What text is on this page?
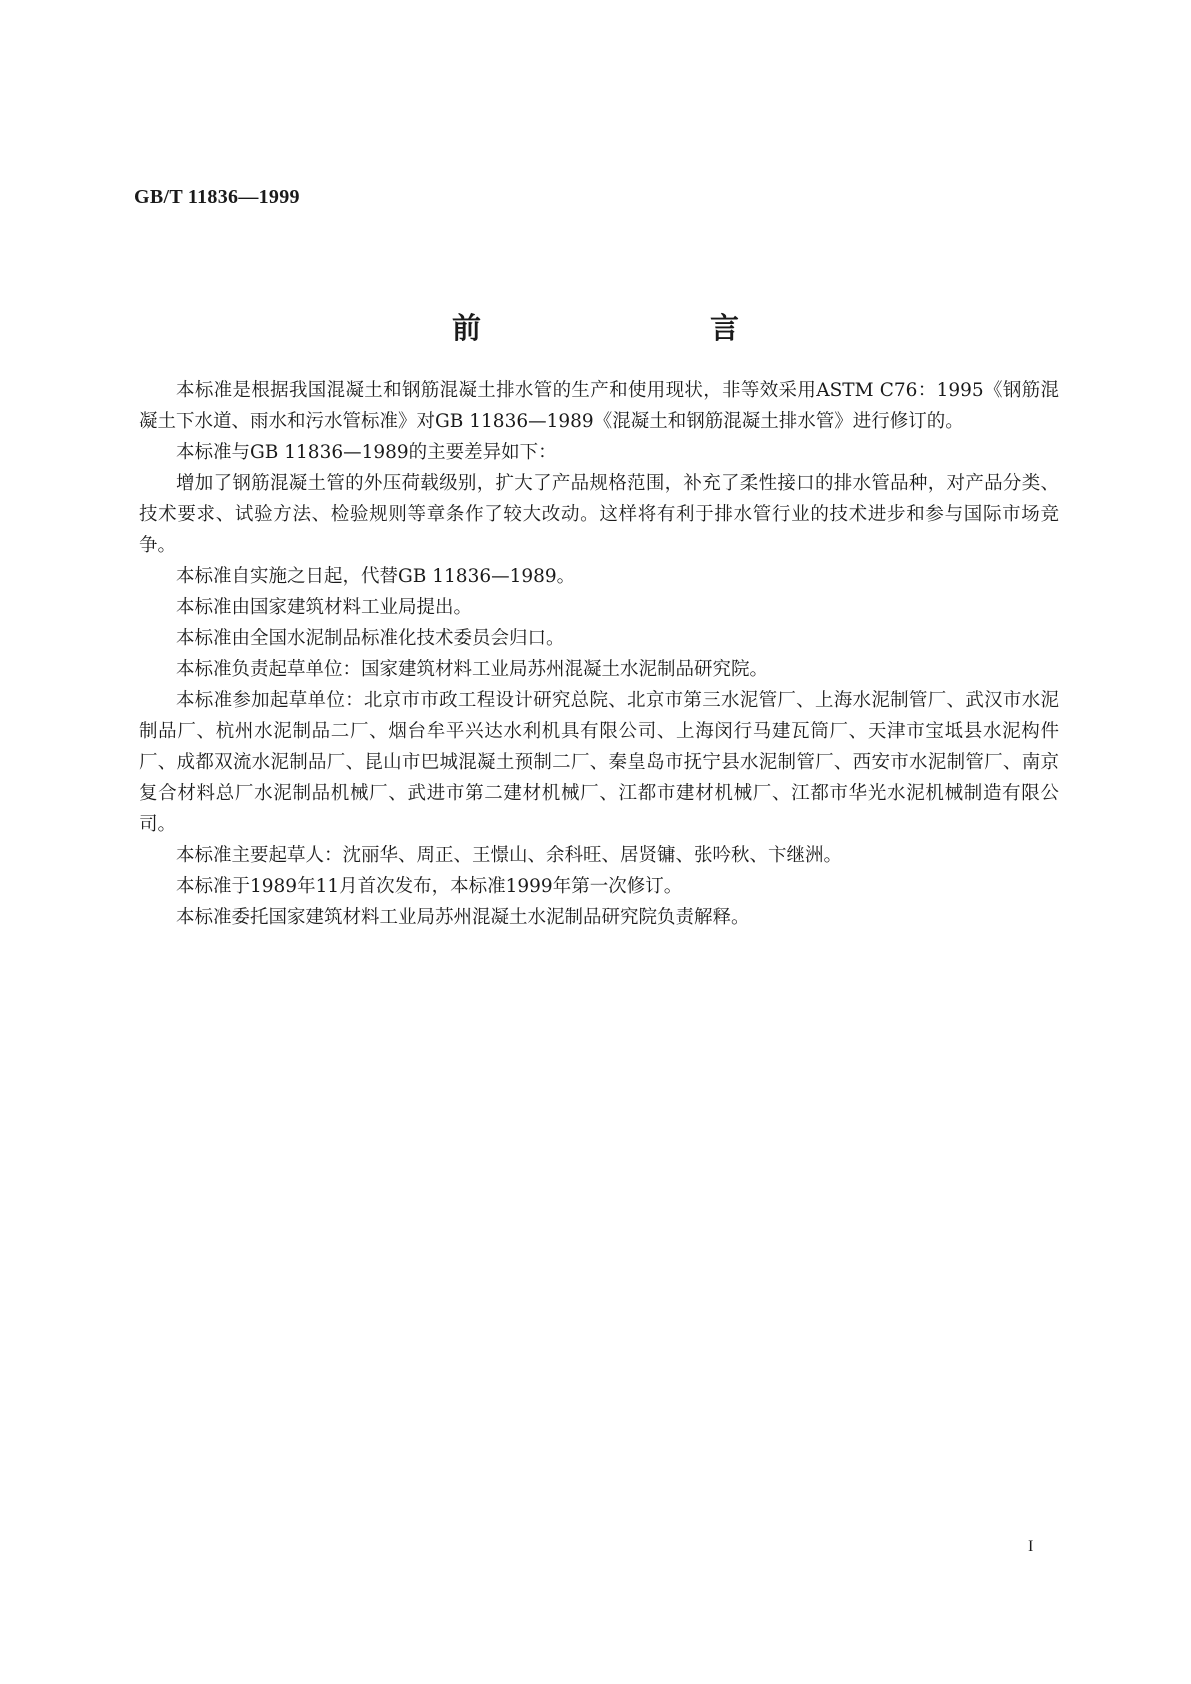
GB/T 11836—1999
前　言

本标准是根据我国混凝土和钢筋混凝土排水管的生产和使用现状，非等效采用ASTM C76：1995《钢筋混凝土下水道、雨水和污水管标准》对GB 11836—1989《混凝土和钢筋混凝土排水管》进行修订的。

本标准与GB 11836—1989的主要差异如下：

增加了钢筋混凝土管的外压荷载级别，扩大了产品规格范围，补充了柔性接口的排水管品种，对产品分类、技术要求、试验方法、检验规则等章条作了较大改动。这样将有利于排水管行业的技术进步和参与国际市场竞争。

本标准自实施之日起，代替GB 11836—1989。

本标准由国家建筑材料工业局提出。

本标准由全国水泥制品标准化技术委员会归口。

本标准负责起草单位：国家建筑材料工业局苏州混凝土水泥制品研究院。

本标准参加起草单位：北京市市政工程设计研究总院、北京市第三水泥管厂、上海水泥制管厂、武汉市水泥制品厂、杭州水泥制品二厂、烟台牟平兴达水利机具有限公司、上海闵行马建瓦筒厂、天津市宝坻县水泥构件厂、成都双流水泥制品厂、昆山市巴城混凝土预制二厂、秦皇岛市抚宁县水泥制管厂、西安市水泥制管厂、南京复合材料总厂水泥制品机械厂、武进市第二建材机械厂、江都市建材机械厂、江都市华光水泥机械制造有限公司。

本标准主要起草人：沈丽华、周正、王憬山、余科旺、居贤镛、张吟秋、卞继洲。

本标准于1989年11月首次发布，本标准1999年第一次修订。

本标准委托国家建筑材料工业局苏州混凝土水泥制品研究院负责解释。

I
